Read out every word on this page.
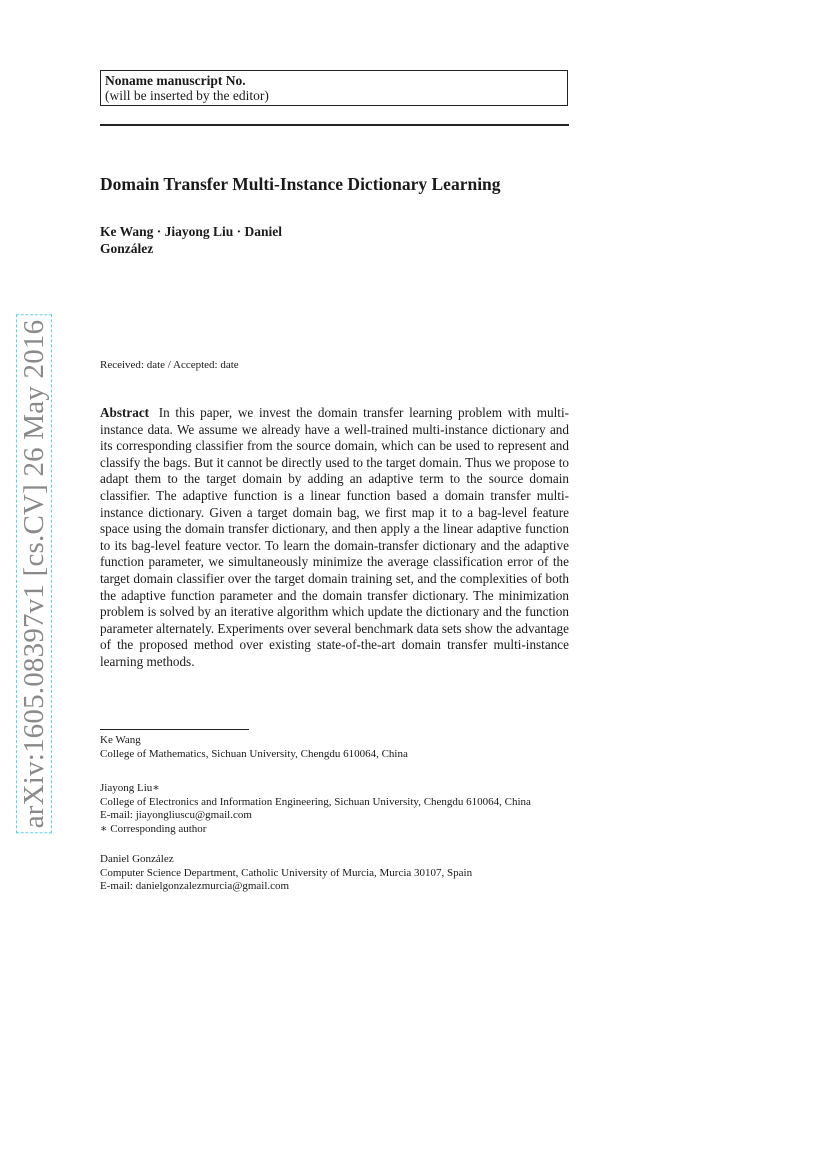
Noname manuscript No.
(will be inserted by the editor)
Domain Transfer Multi-Instance Dictionary Learning
Ke Wang · Jiayong Liu · Daniel
González
Received: date / Accepted: date
Abstract In this paper, we invest the domain transfer learning problem with multi-instance data. We assume we already have a well-trained multi-instance dictionary and its corresponding classifier from the source domain, which can be used to represent and classify the bags. But it cannot be directly used to the target domain. Thus we propose to adapt them to the target domain by adding an adaptive term to the source domain classifier. The adaptive function is a linear function based a domain transfer multi-instance dictionary. Given a target domain bag, we first map it to a bag-level feature space using the domain transfer dictionary, and then apply a the linear adaptive function to its bag-level feature vector. To learn the domain-transfer dictionary and the adaptive function parameter, we simultaneously minimize the average classification error of the target domain classifier over the target domain training set, and the complexities of both the adaptive function parameter and the domain transfer dictionary. The minimization problem is solved by an iterative algorithm which update the dictionary and the function parameter alternately. Experiments over several benchmark data sets show the advantage of the proposed method over existing state-of-the-art domain transfer multi-instance learning methods.
Ke Wang
College of Mathematics, Sichuan University, Chengdu 610064, China
Jiayong Liu∗
College of Electronics and Information Engineering, Sichuan University, Chengdu 610064, China
E-mail: jiayongliuscu@gmail.com
∗ Corresponding author
Daniel González
Computer Science Department, Catholic University of Murcia, Murcia 30107, Spain
E-mail: danielgonzalezmurcia@gmail.com
arXiv:1605.08397v1 [cs.CV] 26 May 2016
